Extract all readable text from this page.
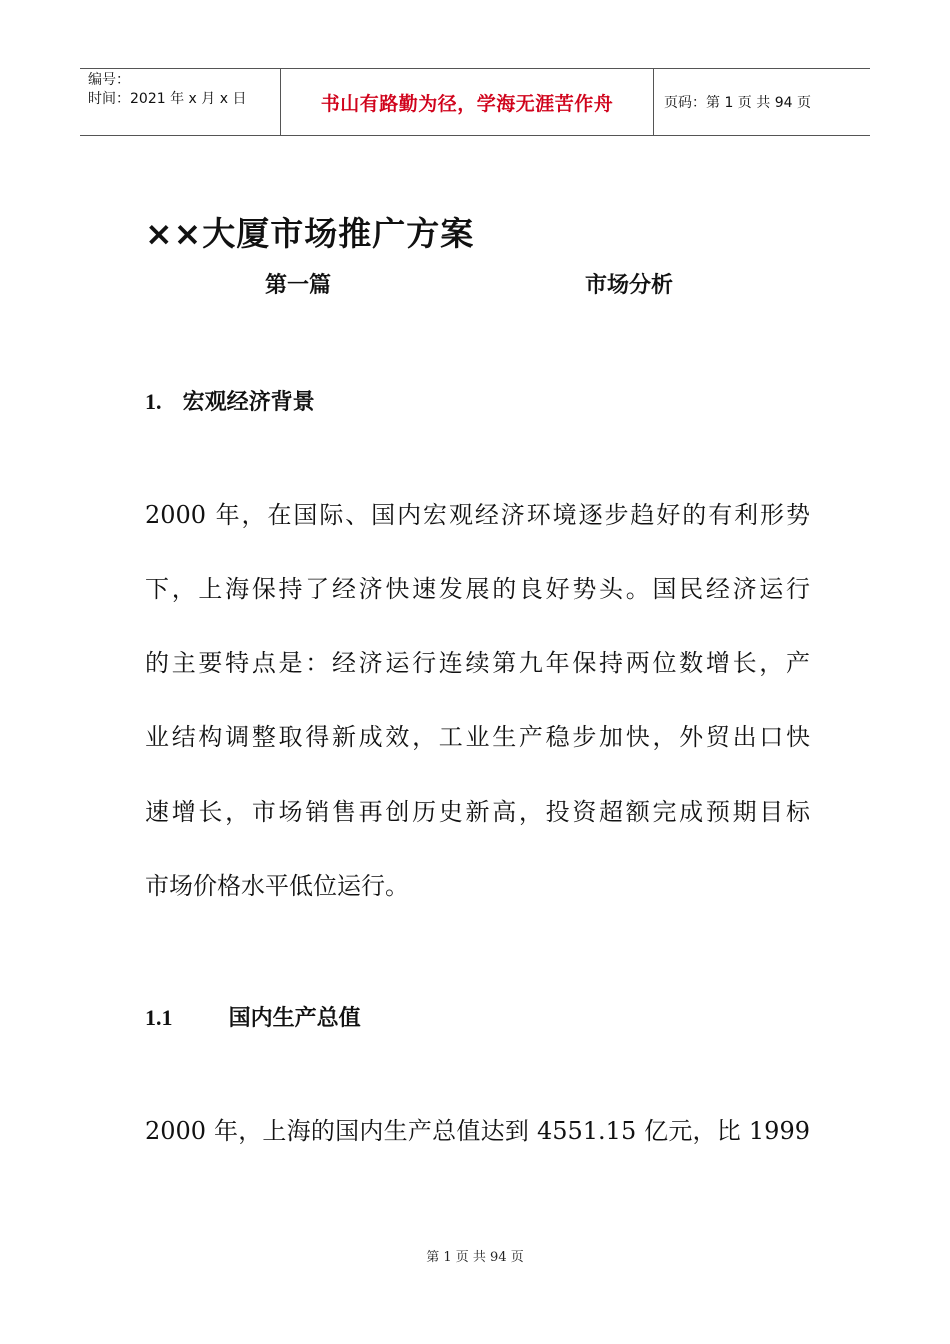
编号：
时间：2021 年 x 月 x 日	书山有路勤为径，学海无涯苦作舟	页码：第 1 页 共 94 页
××大厦市场推广方案
第一篇	市场分析
1. 宏观经济背景
2000 年，在国际、国内宏观经济环境逐步趋好的有利形势
下，上海保持了经济快速发展的良好势头。国民经济运行
的主要特点是：经济运行连续第九年保持两位数增长，产
业结构调整取得新成效，工业生产稳步加快，外贸出口快
速增长，市场销售再创历史新高，投资超额完成预期目标
市场价格水平低位运行。
1.1	国内生产总值
2000 年，上海的国内生产总值达到 4551.15 亿元，比 1999
第 1 页 共 94 页
